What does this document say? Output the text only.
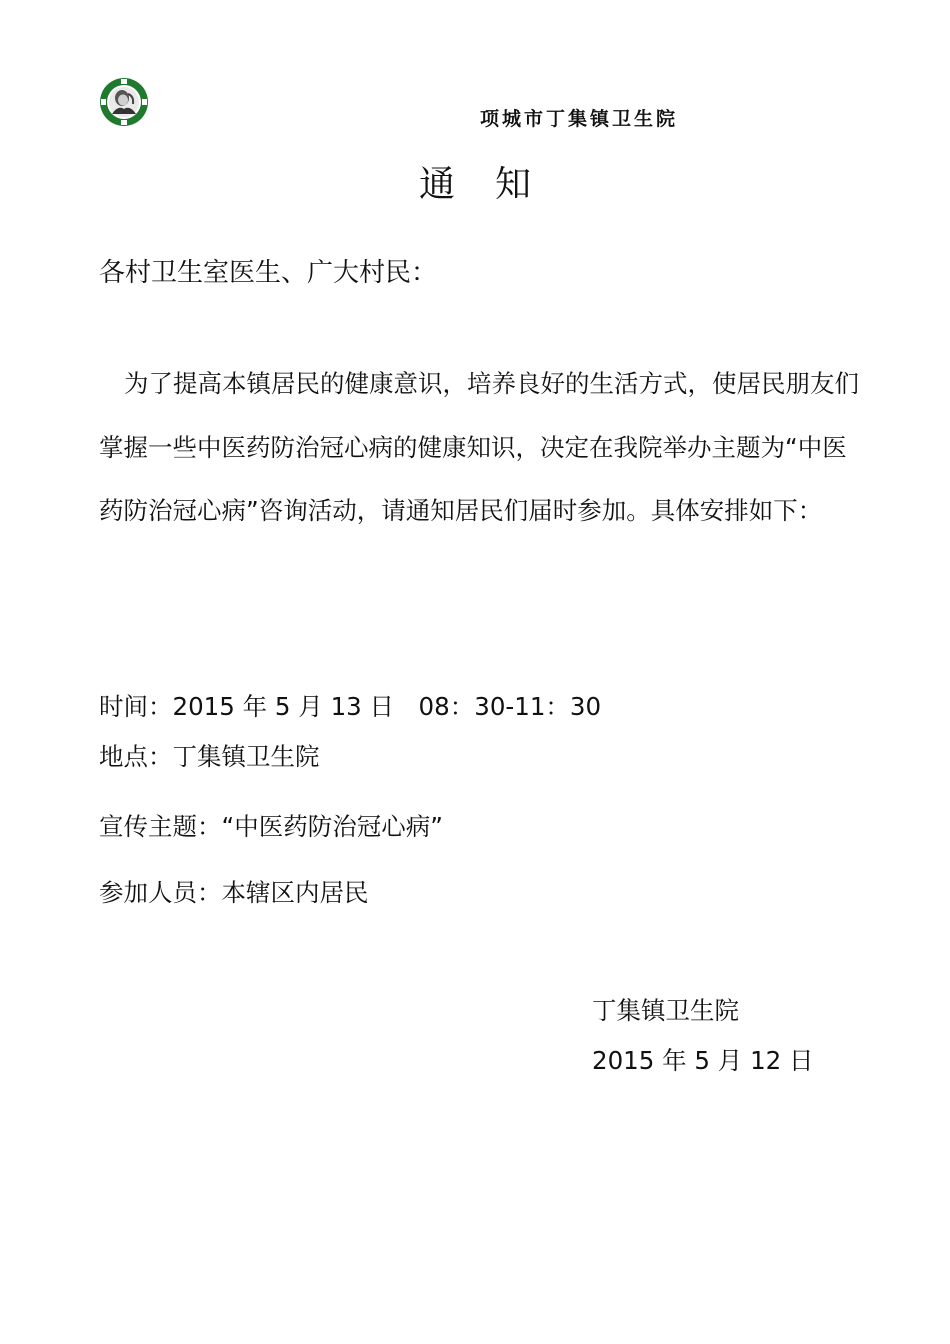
项城市丁集镇卫生院
通知
各村卫生室医生、广大村民：

为了提高本镇居民的健康意识，培养良好的生活方式，使居民朋友们掌握一些中医药防治冠心病的健康知识，决定在我院举办主题为“中医药防治冠心病”咨询活动，请通知居民们届时参加。具体安排如下：

时间：2015 年 5 月 13 日　08：30-11：30
地点：丁集镇卫生院
宣传主题：“中医药防治冠心病”
参加人员：本辖区内居民
丁集镇卫生院
2015 年 5 月 12 日
